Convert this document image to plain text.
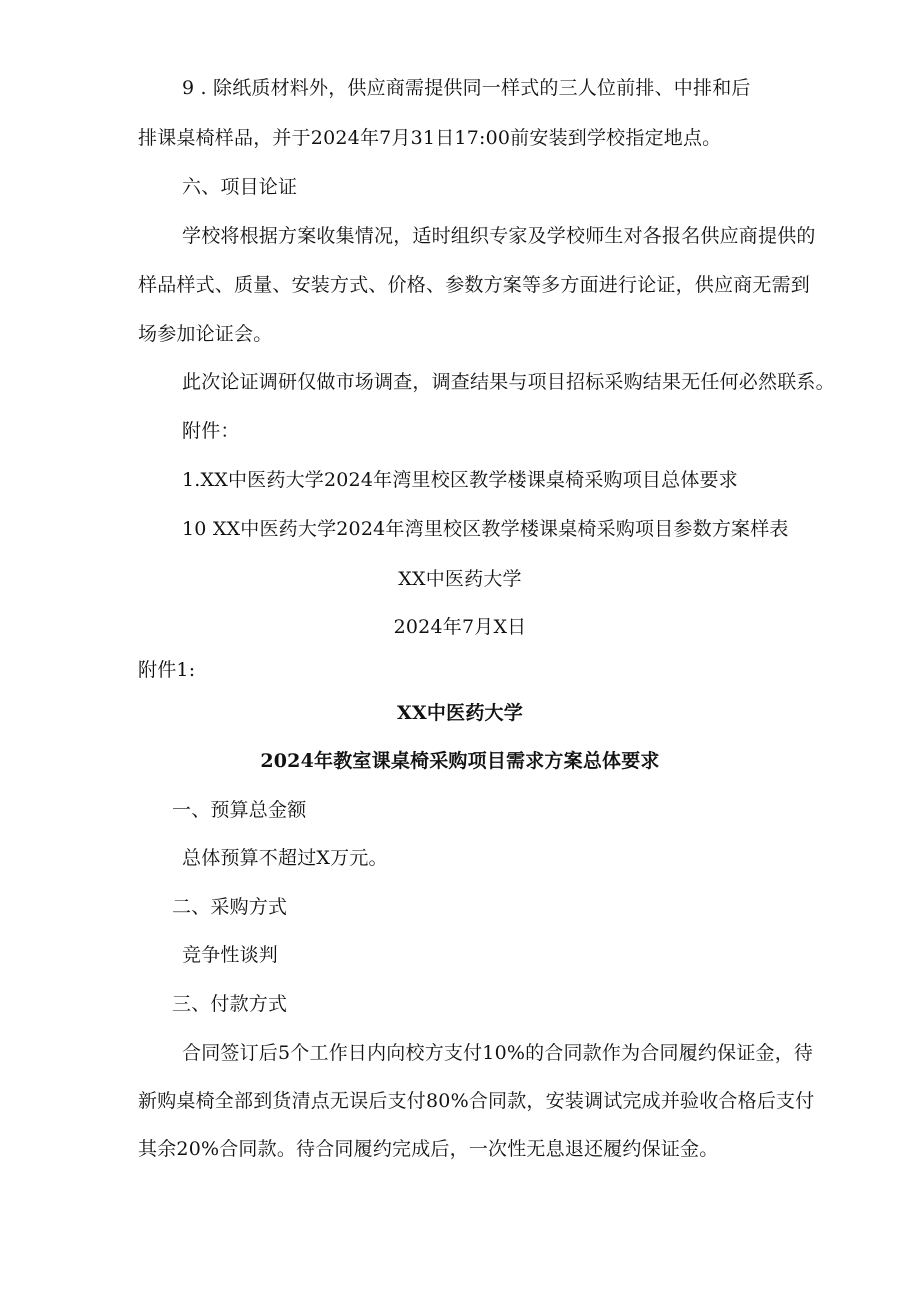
9 . 除纸质材料外，供应商需提供同一样式的三人位前排、中排和后
排课桌椅样品，并于2024年7月31日17:00前安装到学校指定地点。
六、项目论证
学校将根据方案收集情况，适时组织专家及学校师生对各报名供应商提供的
样品样式、质量、安装方式、价格、参数方案等多方面进行论证，供应商无需到
场参加论证会。
此次论证调研仅做市场调查，调查结果与项目招标采购结果无任何必然联系。
附件：
1.XX中医药大学2024年湾里校区教学楼课桌椅采购项目总体要求
10 XX中医药大学2024年湾里校区教学楼课桌椅采购项目参数方案样表
XX中医药大学
2024年7月X日
附件1:
XX中医药大学
2024年教室课桌椅采购项目需求方案总体要求
一、预算总金额
总体预算不超过X万元。
二、采购方式
竞争性谈判
三、付款方式
合同签订后5个工作日内向校方支付10%的合同款作为合同履约保证金，待
新购桌椅全部到货清点无误后支付80%合同款，安装调试完成并验收合格后支付
其余20%合同款。待合同履约完成后，一次性无息退还履约保证金。
